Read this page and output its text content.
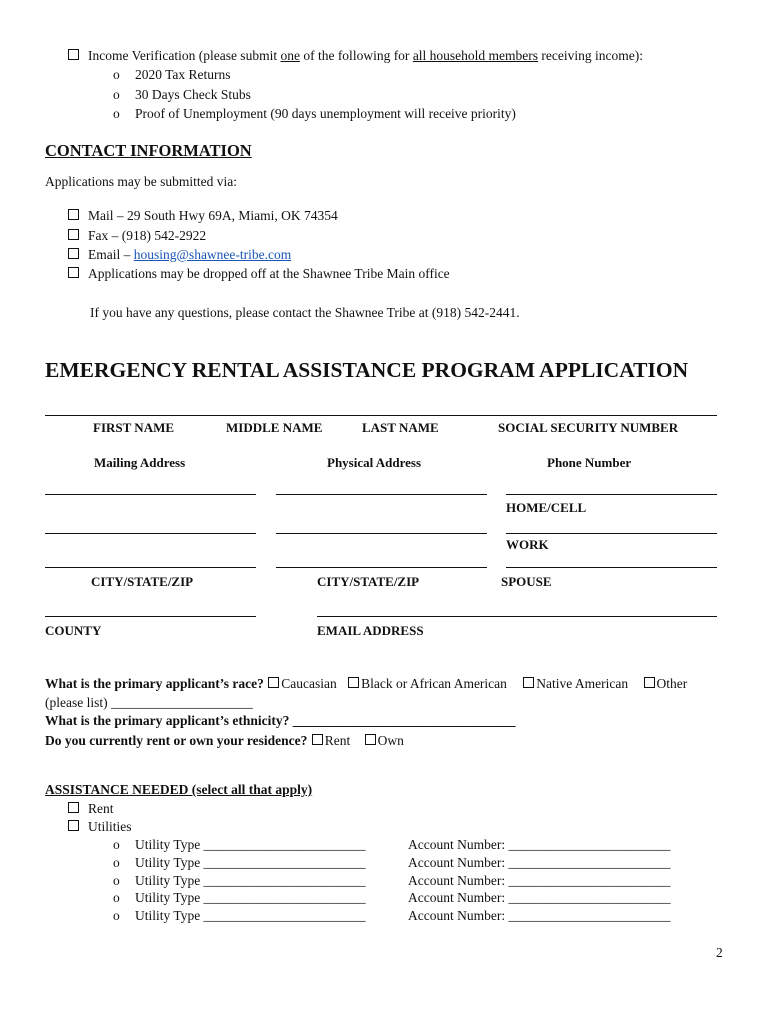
Income Verification (please submit one of the following for all household members receiving income):
o 2020 Tax Returns
o 30 Days Check Stubs
o Proof of Unemployment (90 days unemployment will receive priority)
CONTACT INFORMATION
Applications may be submitted via:
Mail – 29 South Hwy 69A, Miami, OK 74354
Fax – (918) 542-2922
Email – housing@shawnee-tribe.com
Applications may be dropped off at the Shawnee Tribe Main office
If you have any questions, please contact the Shawnee Tribe at (918) 542-2441.
EMERGENCY RENTAL ASSISTANCE PROGRAM APPLICATION
FIRST NAME	MIDDLE NAME	LAST NAME	SOCIAL SECURITY NUMBER
Mailing Address	Physical Address	Phone Number
HOME/CELL
WORK
CITY/STATE/ZIP	CITY/STATE/ZIP	SPOUSE
COUNTY	EMAIL ADDRESS
What is the primary applicant’s race? Caucasian Black or African American Native American Other
(please list) _____________________
What is the primary applicant’s ethnicity? _________________________________
Do you currently rent or own your residence? Rent Own
ASSISTANCE NEEDED (select all that apply)
Rent
Utilities
o Utility Type ________________________	Account Number: ________________________
o Utility Type ________________________	Account Number: ________________________
o Utility Type ________________________	Account Number: ________________________
o Utility Type ________________________	Account Number: ________________________
o Utility Type ________________________	Account Number: ________________________
2
